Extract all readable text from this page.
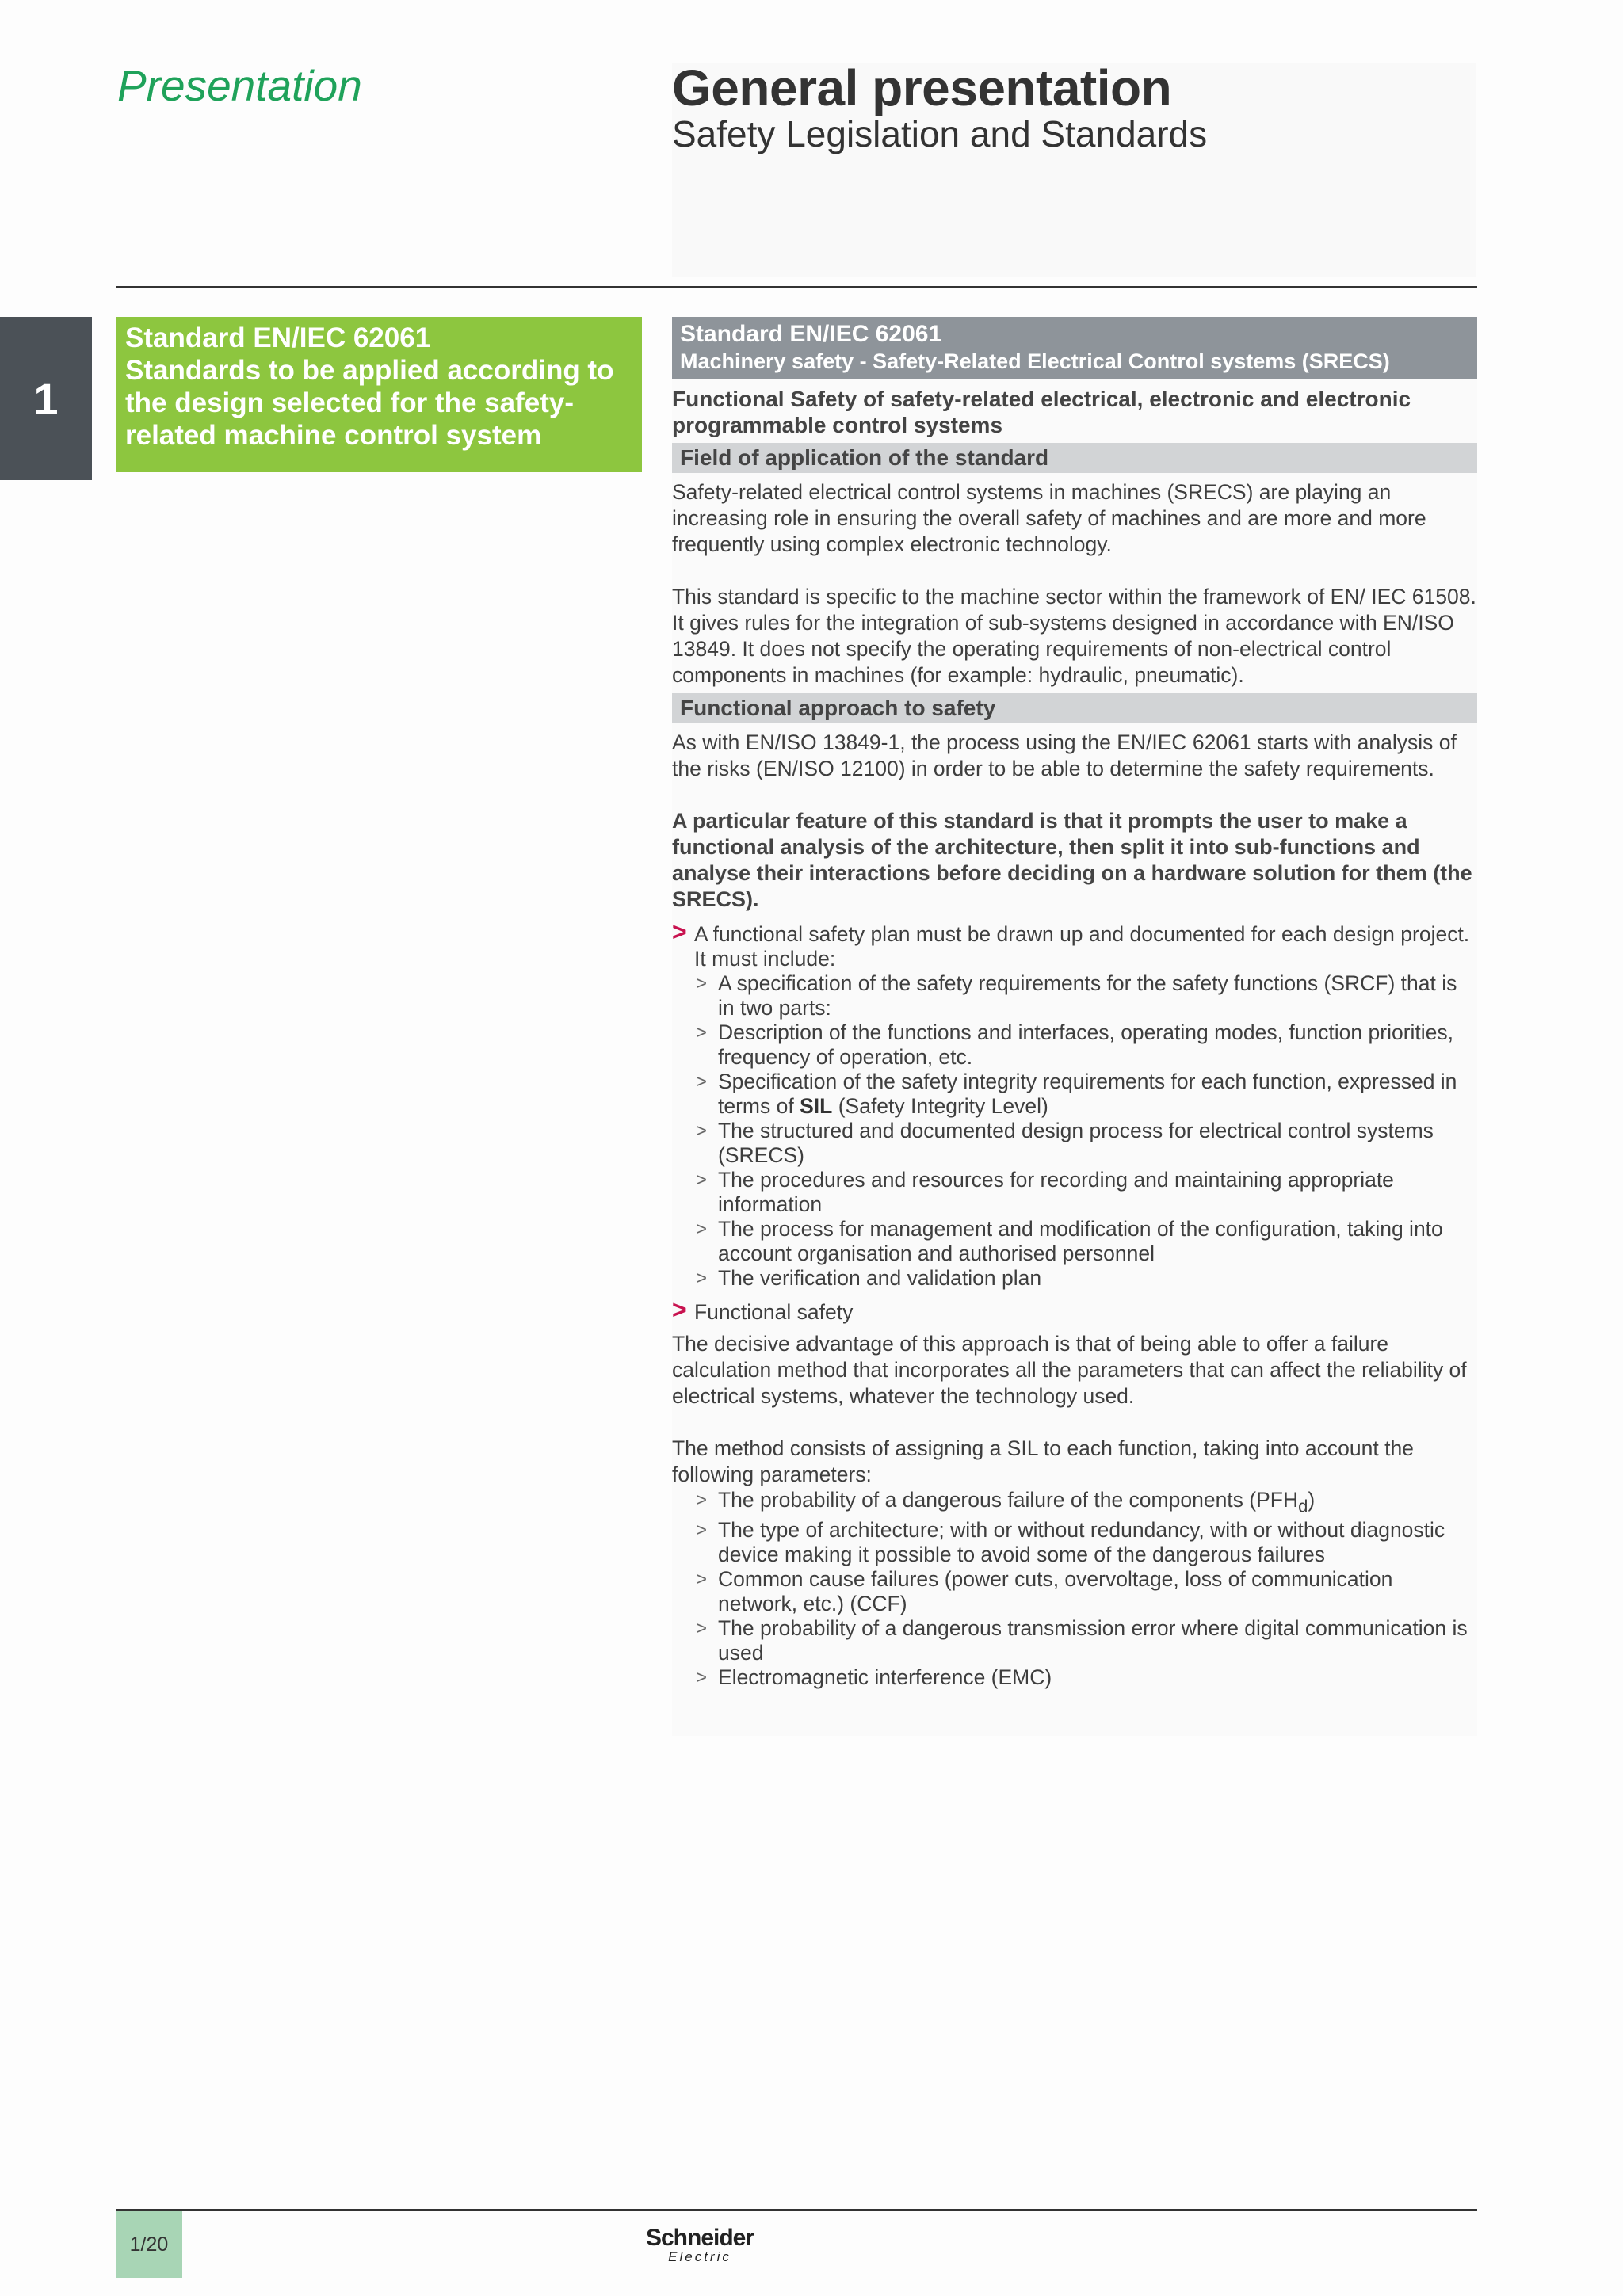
Presentation	General presentation
Safety Legislation and Standards
1
Standard EN/IEC 62061
Standards to be applied according to
the design selected for the safety-
related machine control system
Standard EN/IEC 62061
Machinery safety - Safety-Related Electrical Control systems (SRECS)
Functional Safety of safety-related electrical, electronic and electronic programmable control systems
Field of application of the standard

Safety-related electrical control systems in machines (SRECS) are playing an increasing role in ensuring the overall safety of machines and are more and more frequently using complex electronic technology.

This standard is specific to the machine sector within the framework of EN/ IEC 61508. It gives rules for the integration of sub-systems designed in accordance with EN/ISO 13849. It does not specify the operating requirements of non-electrical control components in machines (for example: hydraulic, pneumatic).

Functional approach to safety

As with EN/ISO 13849-1, the process using the EN/IEC 62061 starts with analysis of the risks (EN/ISO 12100) in order to be able to determine the safety requirements.

A particular feature of this standard is that it prompts the user to make a functional analysis of the architecture, then split it into sub-functions and analyse their interactions before deciding on a hardware solution for them (the SRECS).

> A functional safety plan must be drawn up and documented for each design project. It must include:
> A specification of the safety requirements for the safety functions (SRCF) that is in two parts:
> Description of the functions and interfaces, operating modes, function priorities, frequency of operation, etc.
> Specification of the safety integrity requirements for each function, expressed in terms of SIL (Safety Integrity Level)
> The structured and documented design process for electrical control systems (SRECS)
> The procedures and resources for recording and maintaining appropriate information
> The process for management and modification of the configuration, taking into account organisation and authorised personnel
> The verification and validation plan
> Functional safety

The decisive advantage of this approach is that of being able to offer a failure calculation method that incorporates all the parameters that can affect the reliability of electrical systems, whatever the technology used.

The method consists of assigning a SIL to each function, taking into account the following parameters:

> The probability of a dangerous failure of the components $(PFH_d)$
> The type of architecture; with or without redundancy, with or without diagnostic device making it possible to avoid some of the dangerous failures
> Common cause failures (power cuts, overvoltage, loss of communication network, etc.) (CCF)
> The probability of a dangerous transmission error where digital communication is used
> Electromagnetic interference (EMC)
1/20	Schneider
Electric
